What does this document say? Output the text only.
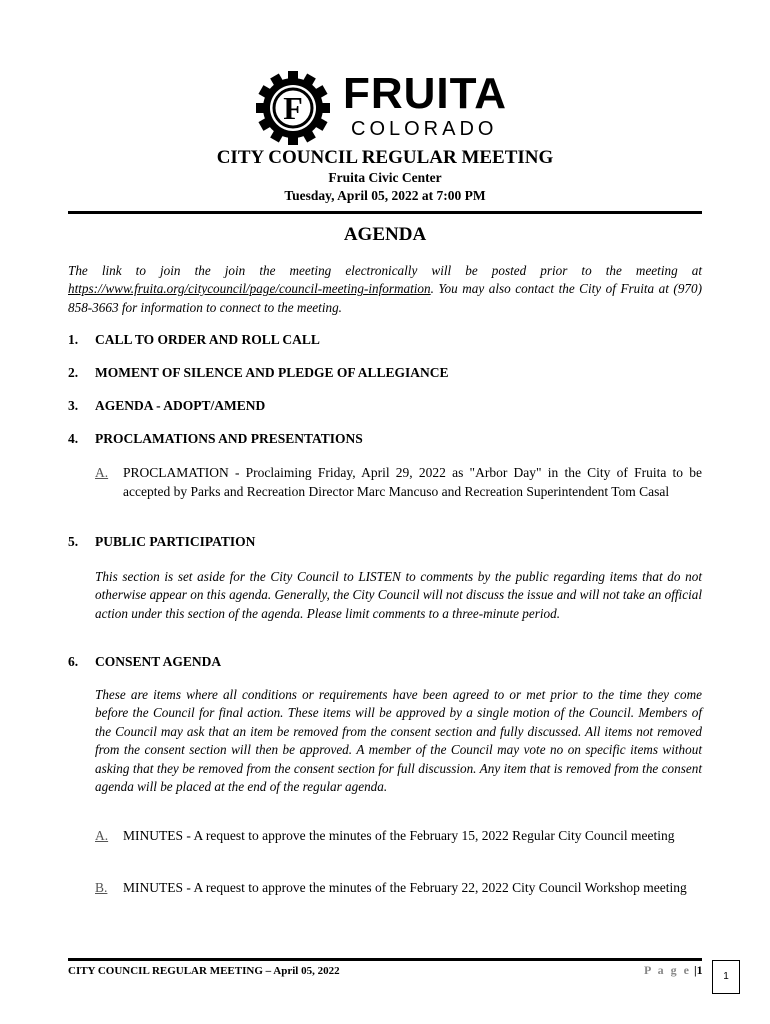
F FRUITA
COLORADO
CITY COUNCIL REGULAR MEETING
Fruita Civic Center
Tuesday, April 05, 2022 at 7:00 PM
AGENDA
The link to join the join the meeting electronically will be posted prior to the meeting at https://www.fruita.org/citycouncil/page/council-meeting-information. You may also contact the City of Fruita at (970) 858-3663 for information to connect to the meeting.
1. CALL TO ORDER AND ROLL CALL
2. MOMENT OF SILENCE AND PLEDGE OF ALLEGIANCE
3. AGENDA - ADOPT/AMEND
4. PROCLAMATIONS AND PRESENTATIONS
A. PROCLAMATION - Proclaiming Friday, April 29, 2022 as "Arbor Day" in the City of Fruita to be accepted by Parks and Recreation Director Marc Mancuso and Recreation Superintendent Tom Casal
5. PUBLIC PARTICIPATION
This section is set aside for the City Council to LISTEN to comments by the public regarding items that do not otherwise appear on this agenda. Generally, the City Council will not discuss the issue and will not take an official action under this section of the agenda. Please limit comments to a three-minute period.
6. CONSENT AGENDA
These are items where all conditions or requirements have been agreed to or met prior to the time they come before the Council for final action. These items will be approved by a single motion of the Council. Members of the Council may ask that an item be removed from the consent section and fully discussed. All items not removed from the consent section will then be approved. A member of the Council may vote no on specific items without asking that they be removed from the consent section for full discussion. Any item that is removed from the consent agenda will be placed at the end of the regular agenda.
A. MINUTES - A request to approve the minutes of the February 15, 2022 Regular City Council meeting
B. MINUTES - A request to approve the minutes of the February 22, 2022 City Council Workshop meeting
CITY COUNCIL REGULAR MEETING – April 05, 2022	P a g e |1	1
